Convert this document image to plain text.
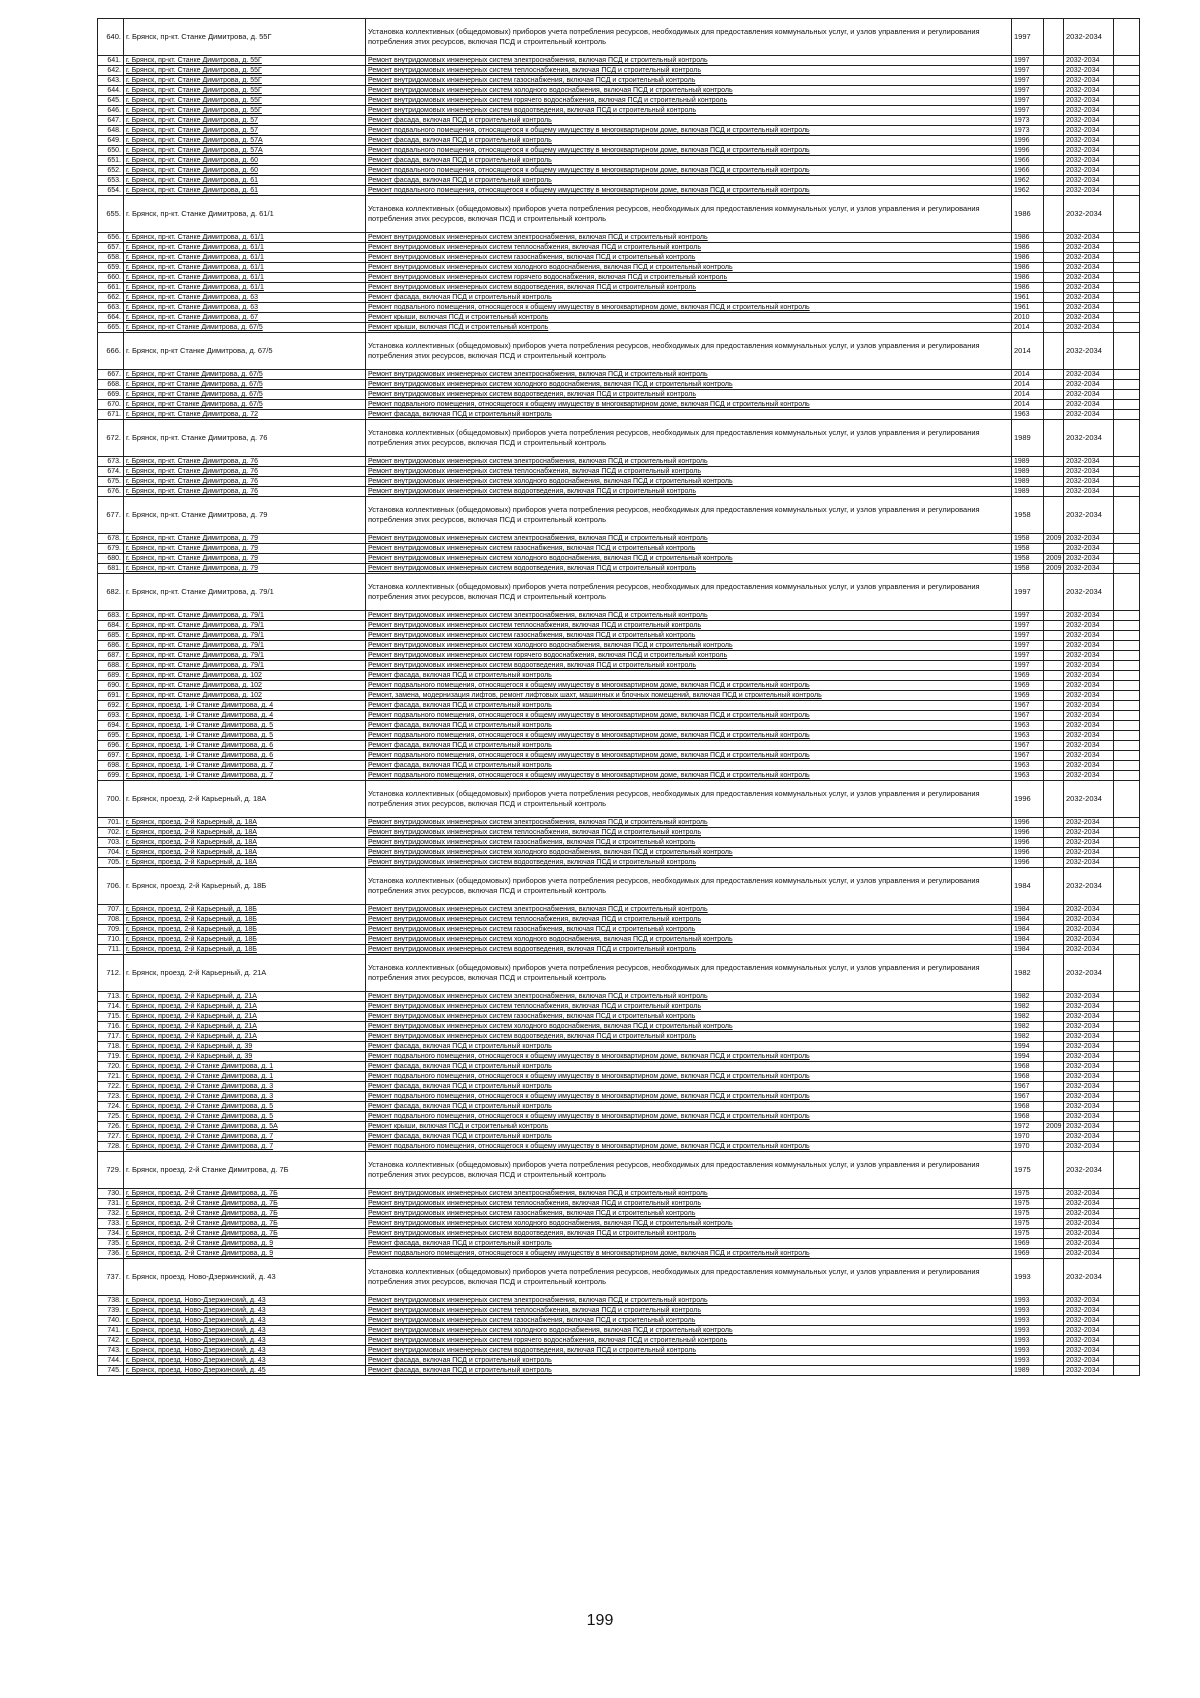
640.	г. Брянск, пр-кт. Станке Димитрова, д. 55Г	Установка коллективных (общедомовых) приборов учета потребления ресурсов, необходимых для предоставления коммунальных услуг, и узлов управления и регулирования потребления этих ресурсов, включая ПСД и строительный контроль	1997		2032-2034	
641.	г. Брянск, пр-кт. Станке Димитрова, д. 55Г	Ремонт внутридомовых инженерных систем электроснабжения, включая ПСД и строительный контроль	1997		2032-2034	
642.	г. Брянск, пр-кт. Станке Димитрова, д. 55Г	Ремонт внутридомовых инженерных систем теплоснабжения, включая ПСД и строительный контроль	1997		2032-2034	
643.	г. Брянск, пр-кт. Станке Димитрова, д. 55Г	Ремонт внутридомовых инженерных систем газоснабжения, включая ПСД и строительный контроль	1997		2032-2034	
644.	г. Брянск, пр-кт. Станке Димитрова, д. 55Г	Ремонт внутридомовых инженерных систем холодного водоснабжения, включая ПСД и строительный контроль	1997		2032-2034	
645.	г. Брянск, пр-кт. Станке Димитрова, д. 55Г	Ремонт внутридомовых инженерных систем горячего водоснабжения, включая ПСД и строительный контроль	1997		2032-2034	
646.	г. Брянск, пр-кт. Станке Димитрова, д. 55Г	Ремонт внутридомовых инженерных систем водоотведения, включая ПСД и строительный контроль	1997		2032-2034	
647.	г. Брянск, пр-кт. Станке Димитрова, д. 57	Ремонт фасада, включая ПСД и строительный контроль	1973		2032-2034	
648.	г. Брянск, пр-кт. Станке Димитрова, д. 57	Ремонт подвального помещения, относящегося к общему имуществу в многоквартирном доме, включая ПСД и строительный контроль	1973		2032-2034	
649.	г. Брянск, пр-кт. Станке Димитрова, д. 57А	Ремонт фасада, включая ПСД и строительный контроль	1996		2032-2034	
650.	г. Брянск, пр-кт. Станке Димитрова, д. 57А	Ремонт подвального помещения, относящегося к общему имуществу в многоквартирном доме, включая ПСД и строительный контроль	1996		2032-2034	
651.	г. Брянск, пр-кт. Станке Димитрова, д. 60	Ремонт фасада, включая ПСД и строительный контроль	1966		2032-2034	
652.	г. Брянск, пр-кт. Станке Димитрова, д. 60	Ремонт подвального помещения, относящегося к общему имуществу в многоквартирном доме, включая ПСД и строительный контроль	1966		2032-2034	
653.	г. Брянск, пр-кт. Станке Димитрова, д. 61	Ремонт фасада, включая ПСД и строительный контроль	1962		2032-2034	
654.	г. Брянск, пр-кт. Станке Димитрова, д. 61	Ремонт подвального помещения, относящегося к общему имуществу в многоквартирном доме, включая ПСД и строительный контроль	1962		2032-2034	
655.	г. Брянск, пр-кт. Станке Димитрова, д. 61/1	Установка коллективных (общедомовых) приборов учета потребления ресурсов, необходимых для предоставления коммунальных услуг, и узлов управления и регулирования потребления этих ресурсов, включая ПСД и строительный контроль	1986		2032-2034	
656.	г. Брянск, пр-кт. Станке Димитрова, д. 61/1	Ремонт внутридомовых инженерных систем электроснабжения, включая ПСД и строительный контроль	1986		2032-2034	
657.	г. Брянск, пр-кт. Станке Димитрова, д. 61/1	Ремонт внутридомовых инженерных систем теплоснабжения, включая ПСД и строительный контроль	1986		2032-2034	
658.	г. Брянск, пр-кт. Станке Димитрова, д. 61/1	Ремонт внутридомовых инженерных систем газоснабжения, включая ПСД и строительный контроль	1986		2032-2034	
659.	г. Брянск, пр-кт. Станке Димитрова, д. 61/1	Ремонт внутридомовых инженерных систем холодного водоснабжения, включая ПСД и строительный контроль	1986		2032-2034	
660.	г. Брянск, пр-кт. Станке Димитрова, д. 61/1	Ремонт внутридомовых инженерных систем горячего водоснабжения, включая ПСД и строительный контроль	1986		2032-2034	
661.	г. Брянск, пр-кт. Станке Димитрова, д. 61/1	Ремонт внутридомовых инженерных систем водоотведения, включая ПСД и строительный контроль	1986		2032-2034	
662.	г. Брянск, пр-кт. Станке Димитрова, д. 63	Ремонт фасада, включая ПСД и строительный контроль	1961		2032-2034	
663.	г. Брянск, пр-кт. Станке Димитрова, д. 63	Ремонт подвального помещения, относящегося к общему имуществу в многоквартирном доме, включая ПСД и строительный контроль	1961		2032-2034	
664.	г. Брянск, пр-кт. Станке Димитрова, д. 67	Ремонт крыши, включая ПСД и строительный контроль	2010		2032-2034	
665.	г. Брянск, пр-кт Станке Димитрова, д. 67/5	Ремонт крыши, включая ПСД и строительный контроль	2014		2032-2034	
666.	г. Брянск, пр-кт Станке Димитрова, д. 67/5	Установка коллективных (общедомовых) приборов учета потребления ресурсов, необходимых для предоставления коммунальных услуг, и узлов управления и регулирования потребления этих ресурсов, включая ПСД и строительный контроль	2014		2032-2034	
667.	г. Брянск, пр-кт Станке Димитрова, д. 67/5	Ремонт внутридомовых инженерных систем электроснабжения, включая ПСД и строительный контроль	2014		2032-2034	
668.	г. Брянск, пр-кт Станке Димитрова, д. 67/5	Ремонт внутридомовых инженерных систем холодного водоснабжения, включая ПСД и строительный контроль	2014		2032-2034	
669.	г. Брянск, пр-кт Станке Димитрова, д. 67/5	Ремонт внутридомовых инженерных систем водоотведения, включая ПСД и строительный контроль	2014		2032-2034	
670.	г. Брянск, пр-кт Станке Димитрова, д. 67/5	Ремонт подвального помещения, относящегося к общему имуществу в многоквартирном доме, включая ПСД и строительный контроль	2014		2032-2034	
671.	г. Брянск, пр-кт. Станке Димитрова, д. 72	Ремонт фасада, включая ПСД и строительный контроль	1963		2032-2034	
672.	г. Брянск, пр-кт. Станке Димитрова, д. 76	Установка коллективных (общедомовых) приборов учета потребления ресурсов, необходимых для предоставления коммунальных услуг, и узлов управления и регулирования потребления этих ресурсов, включая ПСД и строительный контроль	1989		2032-2034	
673.	г. Брянск, пр-кт. Станке Димитрова, д. 76	Ремонт внутридомовых инженерных систем электроснабжения, включая ПСД и строительный контроль	1989		2032-2034	
674.	г. Брянск, пр-кт. Станке Димитрова, д. 76	Ремонт внутридомовых инженерных систем теплоснабжения, включая ПСД и строительный контроль	1989		2032-2034	
675.	г. Брянск, пр-кт. Станке Димитрова, д. 76	Ремонт внутридомовых инженерных систем холодного водоснабжения, включая ПСД и строительный контроль	1989		2032-2034	
676.	г. Брянск, пр-кт. Станке Димитрова, д. 76	Ремонт внутридомовых инженерных систем водоотведения, включая ПСД и строительный контроль	1989		2032-2034	
677.	г. Брянск, пр-кт. Станке Димитрова, д. 79	Установка коллективных (общедомовых) приборов учета потребления ресурсов, необходимых для предоставления коммунальных услуг, и узлов управления и регулирования потребления этих ресурсов, включая ПСД и строительный контроль	1958		2032-2034	
678.	г. Брянск, пр-кт. Станке Димитрова, д. 79	Ремонт внутридомовых инженерных систем электроснабжения, включая ПСД и строительный контроль	1958	2009	2032-2034	
679.	г. Брянск, пр-кт. Станке Димитрова, д. 79	Ремонт внутридомовых инженерных систем газоснабжения, включая ПСД и строительный контроль	1958		2032-2034	
680.	г. Брянск, пр-кт. Станке Димитрова, д. 79	Ремонт внутридомовых инженерных систем холодного водоснабжения, включая ПСД и строительный контроль	1958	2009	2032-2034	
681.	г. Брянск, пр-кт. Станке Димитрова, д. 79	Ремонт внутридомовых инженерных систем водоотведения, включая ПСД и строительный контроль	1958	2009	2032-2034	
682.	г. Брянск, пр-кт. Станке Димитрова, д. 79/1	Установка коллективных (общедомовых) приборов учета потребления ресурсов, необходимых для предоставления коммунальных услуг, и узлов управления и регулирования потребления этих ресурсов, включая ПСД и строительный контроль	1997		2032-2034	
683.	г. Брянск, пр-кт. Станке Димитрова, д. 79/1	Ремонт внутридомовых инженерных систем электроснабжения, включая ПСД и строительный контроль	1997		2032-2034	
684.	г. Брянск, пр-кт. Станке Димитрова, д. 79/1	Ремонт внутридомовых инженерных систем теплоснабжения, включая ПСД и строительный контроль	1997		2032-2034	
685.	г. Брянск, пр-кт. Станке Димитрова, д. 79/1	Ремонт внутридомовых инженерных систем газоснабжения, включая ПСД и строительный контроль	1997		2032-2034	
686.	г. Брянск, пр-кт. Станке Димитрова, д. 79/1	Ремонт внутридомовых инженерных систем холодного водоснабжения, включая ПСД и строительный контроль	1997		2032-2034	
687.	г. Брянск, пр-кт. Станке Димитрова, д. 79/1	Ремонт внутридомовых инженерных систем горячего водоснабжения, включая ПСД и строительный контроль	1997		2032-2034	
688.	г. Брянск, пр-кт. Станке Димитрова, д. 79/1	Ремонт внутридомовых инженерных систем водоотведения, включая ПСД и строительный контроль	1997		2032-2034	
689.	г. Брянск, пр-кт. Станке Димитрова, д. 102	Ремонт фасада, включая ПСД и строительный контроль	1969		2032-2034	
690.	г. Брянск, пр-кт. Станке Димитрова, д. 102	Ремонт подвального помещения, относящегося к общему имуществу в многоквартирном доме, включая ПСД и строительный контроль	1969		2032-2034	
691.	г. Брянск, пр-кт. Станке Димитрова, д. 102	Ремонт, замена, модернизация лифтов, ремонт лифтовых шахт, машинных и блочных помещений, включая ПСД и строительный контроль	1969		2032-2034	
692.	г. Брянск, проезд. 1-й Станке Димитрова, д. 4	Ремонт фасада, включая ПСД и строительный контроль	1967		2032-2034	
693.	г. Брянск, проезд. 1-й Станке Димитрова, д. 4	Ремонт подвального помещения, относящегося к общему имуществу в многоквартирном доме, включая ПСД и строительный контроль	1967		2032-2034	
694.	г. Брянск, проезд. 1-й Станке Димитрова, д. 5	Ремонт фасада, включая ПСД и строительный контроль	1963		2032-2034	
695.	г. Брянск, проезд. 1-й Станке Димитрова, д. 5	Ремонт подвального помещения, относящегося к общему имуществу в многоквартирном доме, включая ПСД и строительный контроль	1963		2032-2034	
696.	г. Брянск, проезд. 1-й Станке Димитрова, д. 6	Ремонт фасада, включая ПСД и строительный контроль	1967		2032-2034	
697.	г. Брянск, проезд. 1-й Станке Димитрова, д. 6	Ремонт подвального помещения, относящегося к общему имуществу в многоквартирном доме, включая ПСД и строительный контроль	1967		2032-2034	
698.	г. Брянск, проезд. 1-й Станке Димитрова, д. 7	Ремонт фасада, включая ПСД и строительный контроль	1963		2032-2034	
699.	г. Брянск, проезд. 1-й Станке Димитрова, д. 7	Ремонт подвального помещения, относящегося к общему имуществу в многоквартирном доме, включая ПСД и строительный контроль	1963		2032-2034	
700.	г. Брянск, проезд. 2-й Карьерный, д. 18А	Установка коллективных (общедомовых) приборов учета потребления ресурсов, необходимых для предоставления коммунальных услуг, и узлов управления и регулирования потребления этих ресурсов, включая ПСД и строительный контроль	1996		2032-2034	
701.	г. Брянск, проезд. 2-й Карьерный, д. 18А	Ремонт внутридомовых инженерных систем электроснабжения, включая ПСД и строительный контроль	1996		2032-2034	
702.	г. Брянск, проезд. 2-й Карьерный, д. 18А	Ремонт внутридомовых инженерных систем теплоснабжения, включая ПСД и строительный контроль	1996		2032-2034	
703.	г. Брянск, проезд. 2-й Карьерный, д. 18А	Ремонт внутридомовых инженерных систем газоснабжения, включая ПСД и строительный контроль	1996		2032-2034	
704.	г. Брянск, проезд. 2-й Карьерный, д. 18А	Ремонт внутридомовых инженерных систем холодного водоснабжения, включая ПСД и строительный контроль	1996		2032-2034	
705.	г. Брянск, проезд. 2-й Карьерный, д. 18А	Ремонт внутридомовых инженерных систем водоотведения, включая ПСД и строительный контроль	1996		2032-2034	
706.	г. Брянск, проезд. 2-й Карьерный, д. 18Б	Установка коллективных (общедомовых) приборов учета потребления ресурсов, необходимых для предоставления коммунальных услуг, и узлов управления и регулирования потребления этих ресурсов, включая ПСД и строительный контроль	1984		2032-2034	
707.	г. Брянск, проезд. 2-й Карьерный, д. 18Б	Ремонт внутридомовых инженерных систем электроснабжения, включая ПСД и строительный контроль	1984		2032-2034	
708.	г. Брянск, проезд. 2-й Карьерный, д. 18Б	Ремонт внутридомовых инженерных систем теплоснабжения, включая ПСД и строительный контроль	1984		2032-2034	
709.	г. Брянск, проезд. 2-й Карьерный, д. 18Б	Ремонт внутридомовых инженерных систем газоснабжения, включая ПСД и строительный контроль	1984		2032-2034	
710.	г. Брянск, проезд. 2-й Карьерный, д. 18Б	Ремонт внутридомовых инженерных систем холодного водоснабжения, включая ПСД и строительный контроль	1984		2032-2034	
711.	г. Брянск, проезд. 2-й Карьерный, д. 18Б	Ремонт внутридомовых инженерных систем водоотведения, включая ПСД и строительный контроль	1984		2032-2034	
712.	г. Брянск, проезд. 2-й Карьерный, д. 21А	Установка коллективных (общедомовых) приборов учета потребления ресурсов, необходимых для предоставления коммунальных услуг, и узлов управления и регулирования потребления этих ресурсов, включая ПСД и строительный контроль	1982		2032-2034	
713.	г. Брянск, проезд. 2-й Карьерный, д. 21А	Ремонт внутридомовых инженерных систем электроснабжения, включая ПСД и строительный контроль	1982		2032-2034	
714.	г. Брянск, проезд. 2-й Карьерный, д. 21А	Ремонт внутридомовых инженерных систем теплоснабжения, включая ПСД и строительный контроль	1982		2032-2034	
715.	г. Брянск, проезд. 2-й Карьерный, д. 21А	Ремонт внутридомовых инженерных систем газоснабжения, включая ПСД и строительный контроль	1982		2032-2034	
716.	г. Брянск, проезд. 2-й Карьерный, д. 21А	Ремонт внутридомовых инженерных систем холодного водоснабжения, включая ПСД и строительный контроль	1982		2032-2034	
717.	г. Брянск, проезд. 2-й Карьерный, д. 21А	Ремонт внутридомовых инженерных систем водоотведения, включая ПСД и строительный контроль	1982		2032-2034	
718.	г. Брянск, проезд. 2-й Карьерный, д. 39	Ремонт фасада, включая ПСД и строительный контроль	1994		2032-2034	
719.	г. Брянск, проезд. 2-й Карьерный, д. 39	Ремонт подвального помещения, относящегося к общему имуществу в многоквартирном доме, включая ПСД и строительный контроль	1994		2032-2034	
720.	г. Брянск, проезд. 2-й Станке Димитрова, д. 1	Ремонт фасада, включая ПСД и строительный контроль	1968		2032-2034	
721.	г. Брянск, проезд. 2-й Станке Димитрова, д. 1	Ремонт подвального помещения, относящегося к общему имуществу в многоквартирном доме, включая ПСД и строительный контроль	1968		2032-2034	
722.	г. Брянск, проезд. 2-й Станке Димитрова, д. 3	Ремонт фасада, включая ПСД и строительный контроль	1967		2032-2034	
723.	г. Брянск, проезд. 2-й Станке Димитрова, д. 3	Ремонт подвального помещения, относящегося к общему имуществу в многоквартирном доме, включая ПСД и строительный контроль	1967		2032-2034	
724.	г. Брянск, проезд. 2-й Станке Димитрова, д. 5	Ремонт фасада, включая ПСД и строительный контроль	1968		2032-2034	
725.	г. Брянск, проезд. 2-й Станке Димитрова, д. 5	Ремонт подвального помещения, относящегося к общему имуществу в многоквартирном доме, включая ПСД и строительный контроль	1968		2032-2034	
726.	г. Брянск, проезд. 2-й Станке Димитрова, д. 5А	Ремонт крыши, включая ПСД и строительный контроль	1972	2009	2032-2034	
727.	г. Брянск, проезд. 2-й Станке Димитрова, д. 7	Ремонт фасада, включая ПСД и строительный контроль	1970		2032-2034	
728.	г. Брянск, проезд. 2-й Станке Димитрова, д. 7	Ремонт подвального помещения, относящегося к общему имуществу в многоквартирном доме, включая ПСД и строительный контроль	1970		2032-2034	
729.	г. Брянск, проезд. 2-й Станке Димитрова, д. 7Б	Установка коллективных (общедомовых) приборов учета потребления ресурсов, необходимых для предоставления коммунальных услуг, и узлов управления и регулирования потребления этих ресурсов, включая ПСД и строительный контроль	1975		2032-2034	
730.	г. Брянск, проезд. 2-й Станке Димитрова, д. 7Б	Ремонт внутридомовых инженерных систем электроснабжения, включая ПСД и строительный контроль	1975		2032-2034	
731.	г. Брянск, проезд. 2-й Станке Димитрова, д. 7Б	Ремонт внутридомовых инженерных систем теплоснабжения, включая ПСД и строительный контроль	1975		2032-2034	
732.	г. Брянск, проезд. 2-й Станке Димитрова, д. 7Б	Ремонт внутридомовых инженерных систем газоснабжения, включая ПСД и строительный контроль	1975		2032-2034	
733.	г. Брянск, проезд. 2-й Станке Димитрова, д. 7Б	Ремонт внутридомовых инженерных систем холодного водоснабжения, включая ПСД и строительный контроль	1975		2032-2034	
734.	г. Брянск, проезд. 2-й Станке Димитрова, д. 7Б	Ремонт внутридомовых инженерных систем водоотведения, включая ПСД и строительный контроль	1975		2032-2034	
735.	г. Брянск, проезд. 2-й Станке Димитрова, д. 9	Ремонт фасада, включая ПСД и строительный контроль	1969		2032-2034	
736.	г. Брянск, проезд. 2-й Станке Димитрова, д. 9	Ремонт подвального помещения, относящегося к общему имуществу в многоквартирном доме, включая ПСД и строительный контроль	1969		2032-2034	
737.	г. Брянск, проезд. Ново-Дзержинский, д. 43	Установка коллективных (общедомовых) приборов учета потребления ресурсов, необходимых для предоставления коммунальных услуг, и узлов управления и регулирования потребления этих ресурсов, включая ПСД и строительный контроль	1993		2032-2034	
738.	г. Брянск, проезд. Ново-Дзержинский, д. 43	Ремонт внутридомовых инженерных систем электроснабжения, включая ПСД и строительный контроль	1993		2032-2034	
739.	г. Брянск, проезд. Ново-Дзержинский, д. 43	Ремонт внутридомовых инженерных систем теплоснабжения, включая ПСД и строительный контроль	1993		2032-2034	
740.	г. Брянск, проезд. Ново-Дзержинский, д. 43	Ремонт внутридомовых инженерных систем газоснабжения, включая ПСД и строительный контроль	1993		2032-2034	
741.	г. Брянск, проезд. Ново-Дзержинский, д. 43	Ремонт внутридомовых инженерных систем холодного водоснабжения, включая ПСД и строительный контроль	1993		2032-2034	
742.	г. Брянск, проезд. Ново-Дзержинский, д. 43	Ремонт внутридомовых инженерных систем горячего водоснабжения, включая ПСД и строительный контроль	1993		2032-2034	
743.	г. Брянск, проезд. Ново-Дзержинский, д. 43	Ремонт внутридомовых инженерных систем водоотведения, включая ПСД и строительный контроль	1993		2032-2034	
744.	г. Брянск, проезд. Ново-Дзержинский, д. 43	Ремонт фасада, включая ПСД и строительный контроль	1993		2032-2034	
745.	г. Брянск, проезд. Ново-Дзержинский, д. 45	Ремонт фасада, включая ПСД и строительный контроль	1989		2032-2034	
199
